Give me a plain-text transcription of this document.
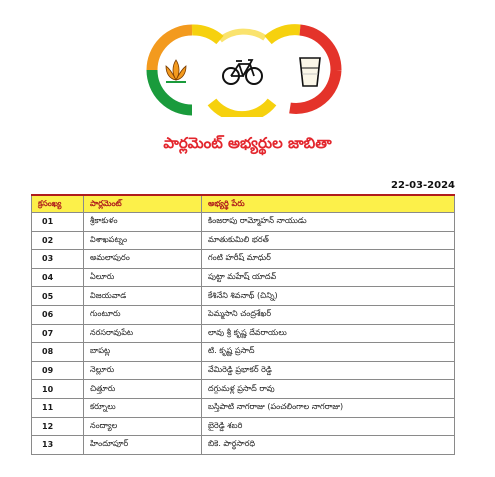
పార్లమెంట్ అభ్యర్థుల జాబితా
22-03-2024
క్రసంఖ్య	పార్లమెంట్	అభ్యర్థి పేరు
01	శ్రీకాకుళం	కింజరాపు రామ్మోహన్ నాయుడు
02	విశాఖపట్నం	మాతుకుమిలి భరత్
03	అమలాపురం	గంటి హరీష్ మాధుర్
04	ఏలూరు	పుట్టా మహేష్ యాదవ్
05	విజయవాడ	కేశినేని శివనాథ్ (చిన్ని)
06	గుంటూరు	పెమ్మసాని చంద్రశేఖర్
07	నరసరావుపేట	లావు శ్రీ కృష్ణ దేవరాయలు
08	బాపట్ల	టి. కృష్ణ ప్రసాద్
09	నెల్లూరు	వేమిరెడ్డి ప్రభాకర్ రెడ్డి
10	చిత్తూరు	దగ్గుమళ్ల ప్రసాద్ రావు
11	కర్నూలు	బస్తిపాటి నాగరాజు (పంచలింగాల నాగరాజు)
12	నంద్యాల	బైరెడ్డి శబరి
13	హిందూపూర్	బికె. పార్థసారధి
